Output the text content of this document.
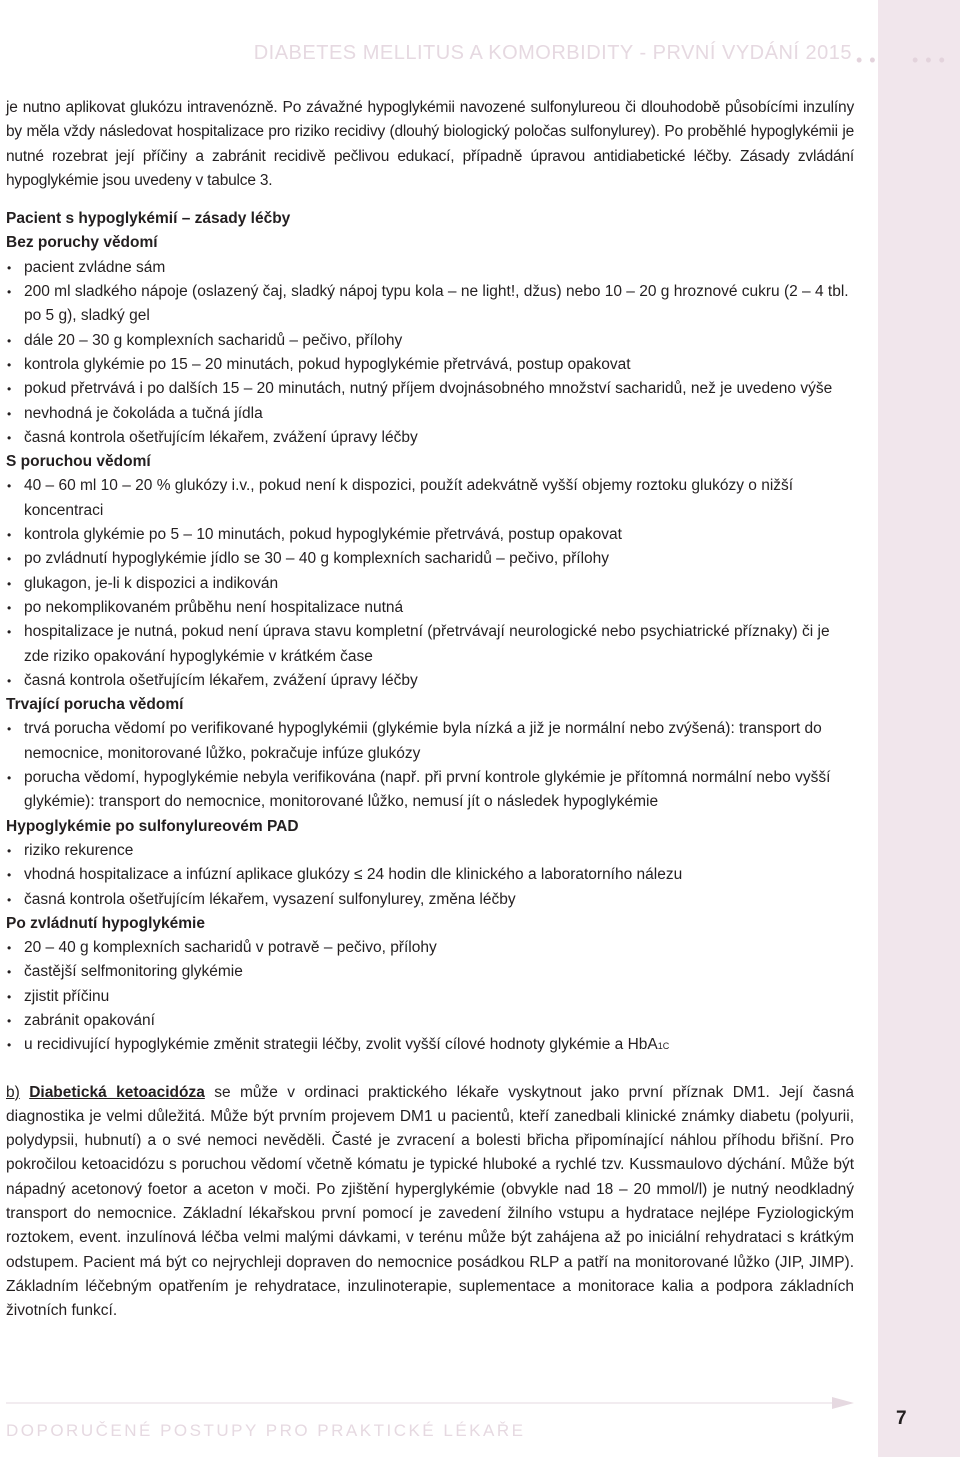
DIABETES MELLITUS A KOMORBIDITY - PRVNÍ VYDÁNÍ 2015 • • • • •

je nutno aplikovat glukózu intravenózně. Po závažné hypoglykémii navozené sulfonylureou či dlouhodobě působícími inzulíny by měla vždy následovat hospitalizace pro riziko recidivy (dlouhý biologický poločas sulfonylurey). Po proběhlé hypoglykémii je nutné rozebrat její příčiny a zabránit recidivě pečlivou edukací, případně úpravou antidiabetické léčby. Zásady zvládání hypoglykémie jsou uvedeny v tabulce 3.

Pacient s hypoglykémií – zásady léčby
Bez poruchy vědomí
• pacient zvládne sám
• 200 ml sladkého nápoje (oslazený čaj, sladký nápoj typu kola – ne light!, džus) nebo 10 – 20 g hroznové cukru (2 – 4 tbl. po 5 g), sladký gel
• dále 20 – 30 g komplexních sacharidů – pečivo, přílohy
• kontrola glykémie po 15 – 20 minutách, pokud hypoglykémie přetrvává, postup opakovat
• pokud přetrvává i po dalších 15 – 20 minutách, nutný příjem dvojnásobného množství sacharidů, než je uvedeno výše
• nevhodná je čokoláda a tučná jídla
• časná kontrola ošetřujícím lékařem, zvážení úpravy léčby
S poruchou vědomí
• 40 – 60 ml 10 – 20 % glukózy i.v., pokud není k dispozici, použít adekvátně vyšší objemy roztoku glukózy o nižší koncentraci
• kontrola glykémie po 5 – 10 minutách, pokud hypoglykémie přetrvává, postup opakovat
• po zvládnutí hypoglykémie jídlo se 30 – 40 g komplexních sacharidů – pečivo, přílohy
• glukagon, je-li k dispozici a indikován
• po nekomplikovaném průběhu není hospitalizace nutná
• hospitalizace je nutná, pokud není úprava stavu kompletní (přetrvávají neurologické nebo psychiatrické příznaky) či je zde riziko opakování hypoglykémie v krátkém čase
• časná kontrola ošetřujícím lékařem, zvážení úpravy léčby
Trvající porucha vědomí
• trvá porucha vědomí po verifikované hypoglykémii (glykémie byla nízká a již je normální nebo zvýšená): transport do nemocnice, monitorované lůžko, pokračuje infúze glukózy
• porucha vědomí, hypoglykémie nebyla verifikována (např. při první kontrole glykémie je přítomná normální nebo vyšší glykémie): transport do nemocnice, monitorované lůžko, nemusí jít o následek hypoglykémie
Hypoglykémie po sulfonylureovém PAD
• riziko rekurence
• vhodná hospitalizace a infúzní aplikace glukózy ≤ 24 hodin dle klinického a laboratorního nálezu
• časná kontrola ošetřujícím lékařem, vysazení sulfonylurey, změna léčby
Po zvládnutí hypoglykémie
• 20 – 40 g komplexních sacharidů v potravě – pečivo, přílohy
• častější selfmonitoring glykémie
• zjistit příčinu
• zabránit opakování
• u recidivující hypoglykémie změnit strategii léčby, zvolit vyšší cílové hodnoty glykémie a HbA1C

b) Diabetická ketoacidóza se může v ordinaci praktického lékaře vyskytnout jako první příznak DM1. Její časná diagnostika je velmi důležitá. Může být prvním projevem DM1 u pacientů, kteří zanedbali klinické známky diabetu (polyurii, polydypsii, hubnutí) a o své nemoci nevěděli. Časté je zvracení a bolesti břicha připomínající náhlou příhodu břišní. Pro pokročilou ketoacidózu s poruchou vědomí včetně kómatu je typické hluboké a rychlé tzv. Kussmaulovo dýchání. Může být nápadný acetonový foetor a aceton v moči. Po zjištění hyperglykémie (obvykle nad 18 – 20 mmol/l) je nutný neodkladný transport do nemocnice. Základní lékařskou první pomocí je zavedení žilního vstupu a hydratace nejlépe Fyziologickým roztokem, event. inzulínová léčba velmi malými dávkami, v terénu může být zahájena až po iniciální rehydrataci s krátkým odstupem. Pacient má být co nejrychleji dopraven do nemocnice posádkou RLP a patří na monitorované lůžko (JIP, JIMP). Základním léčebným opatřením je rehydratace, inzulinoterapie, suplementace a monitorace kalia a podpora základních životních funkcí.

DOPORUČENÉ POSTUPY PRO PRAKTICKÉ LÉKAŘE
7
